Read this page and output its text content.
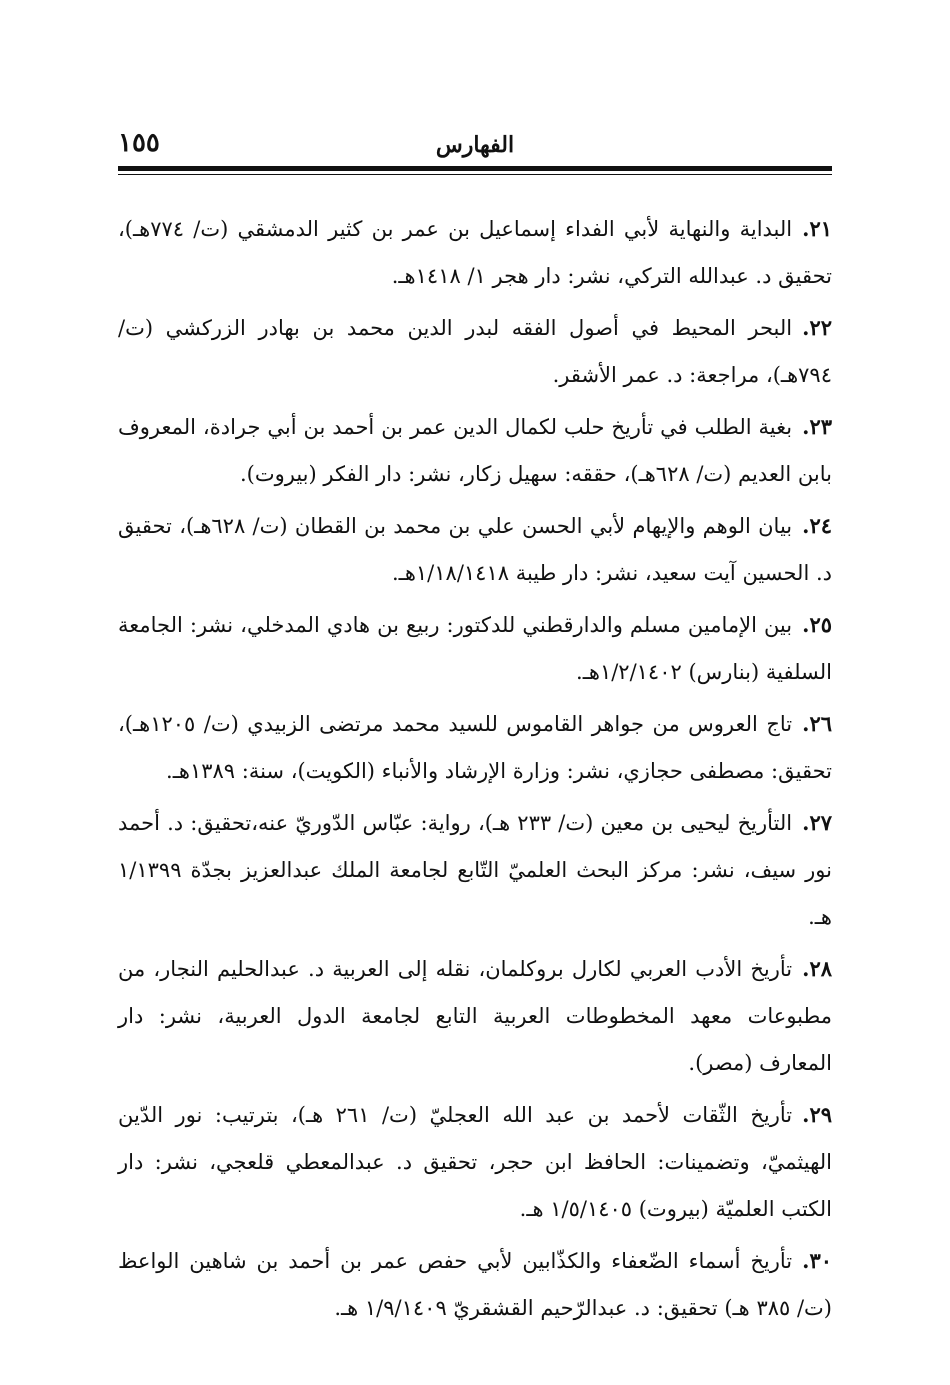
الفهارس
١٥٥

٢١.البداية والنهاية لأبي الفداء إسماعيل بن عمر بن كثير الدمشقي (ت/ ٧٧٤هـ)، تحقيق د. عبدالله التركي، نشر: دار هجر ١/ ١٤١٨هـ.

٢٢.البحر المحيط في أصول الفقه لبدر الدين محمد بن بهادر الزركشي (ت/ ٧٩٤هـ)، مراجعة: د. عمر الأشقر.

٢٣.بغية الطلب في تأريخ حلب لكمال الدين عمر بن أحمد بن أبي جرادة، المعروف بابن العديم (ت/ ٦٢٨هـ)، حققه: سهيل زكار، نشر: دار الفكر (بيروت).

٢٤.بيان الوهم والإيهام لأبي الحسن علي بن محمد بن القطان (ت/ ٦٢٨هـ)، تحقيق د. الحسين آيت سعيد، نشر: دار طيبة ١/١٨/١٤١٨هـ.

٢٥.بين الإمامين مسلم والدارقطني للدكتور: ربيع بن هادي المدخلي، نشر: الجامعة السلفية (بنارس) ١/٢/١٤٠٢هـ.

٢٦.تاج العروس من جواهر القاموس للسيد محمد مرتضى الزبيدي (ت/ ١٢٠٥هـ)، تحقيق: مصطفى حجازي، نشر: وزارة الإرشاد والأنباء (الكويت)، سنة: ١٣٨٩هـ.

٢٧.التأريخ ليحيى بن معين (ت/ ٢٣٣ هـ)، رواية: عبّاس الدّوريّ عنه،تحقيق: د. أحمد نور سيف، نشر: مركز البحث العلميّ التّابع لجامعة الملك عبدالعزيز بجدّة ١/١٣٩٩ هـ.

٢٨.تأريخ الأدب العربي لكارل بروكلمان، نقله إلى العربية د. عبدالحليم النجار، من مطبوعات معهد المخطوطات العربية التابع لجامعة الدول العربية، نشر: دار المعارف (مصر).

٢٩.تأريخ الثّقات لأحمد بن عبد الله العجليّ (ت/ ٢٦١ هـ)، بترتيب: نور الدّين الهيثميّ، وتضمينات: الحافظ ابن حجر، تحقيق د. عبدالمعطي قلعجي، نشر: دار الكتب العلميّة (بيروت) ١/٥/١٤٠٥ هـ.

٣٠.تأريخ أسماء الضّعفاء والكذّابين لأبي حفص عمر بن أحمد بن شاهين الواعظ (ت/ ٣٨٥ هـ) تحقيق: د. عبدالرّحيم القشقريّ ١/٩/١٤٠٩ هـ.
